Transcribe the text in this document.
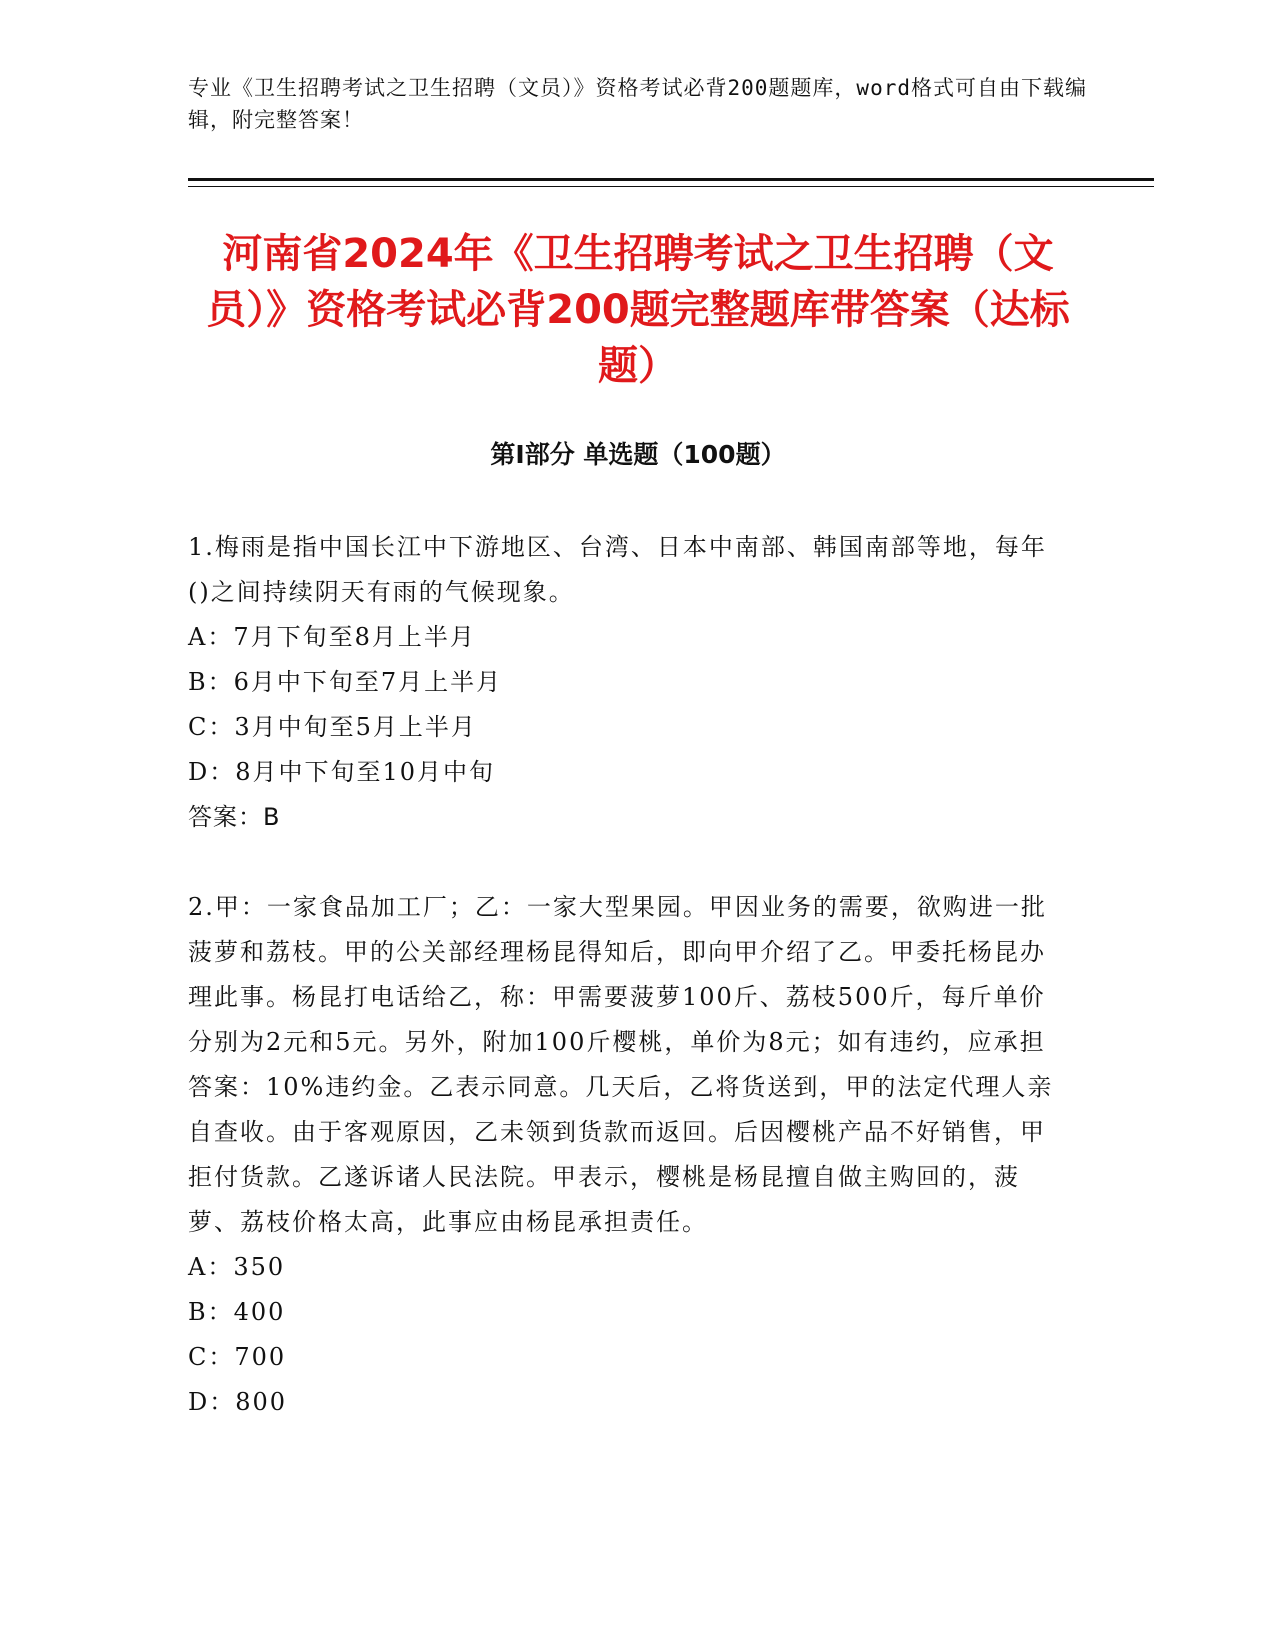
专业《卫生招聘考试之卫生招聘（文员）》资格考试必背200题题库，word格式可自由下载编辑，附完整答案！
河南省2024年《卫生招聘考试之卫生招聘（文员）》资格考试必背200题完整题库带答案（达标题）
第I部分 单选题（100题）
1.梅雨是指中国长江中下游地区、台湾、日本中南部、韩国南部等地，每年()之间持续阴天有雨的气候现象。
A：7月下旬至8月上半月
B：6月中下旬至7月上半月
C：3月中旬至5月上半月
D：8月中下旬至10月中旬
答案：B
2.甲：一家食品加工厂；乙：一家大型果园。甲因业务的需要，欲购进一批菠萝和荔枝。甲的公关部经理杨昆得知后，即向甲介绍了乙。甲委托杨昆办理此事。杨昆打电话给乙，称：甲需要菠萝100斤、荔枝500斤，每斤单价分别为2元和5元。另外，附加100斤樱桃，单价为8元；如有违约，应承担答案：10%违约金。乙表示同意。几天后，乙将货送到，甲的法定代理人亲自查收。由于客观原因，乙未领到货款而返回。后因樱桃产品不好销售，甲拒付货款。乙遂诉诸人民法院。甲表示，樱桃是杨昆擅自做主购回的，菠萝、荔枝价格太高，此事应由杨昆承担责任。
A：350
B：400
C：700
D：800
